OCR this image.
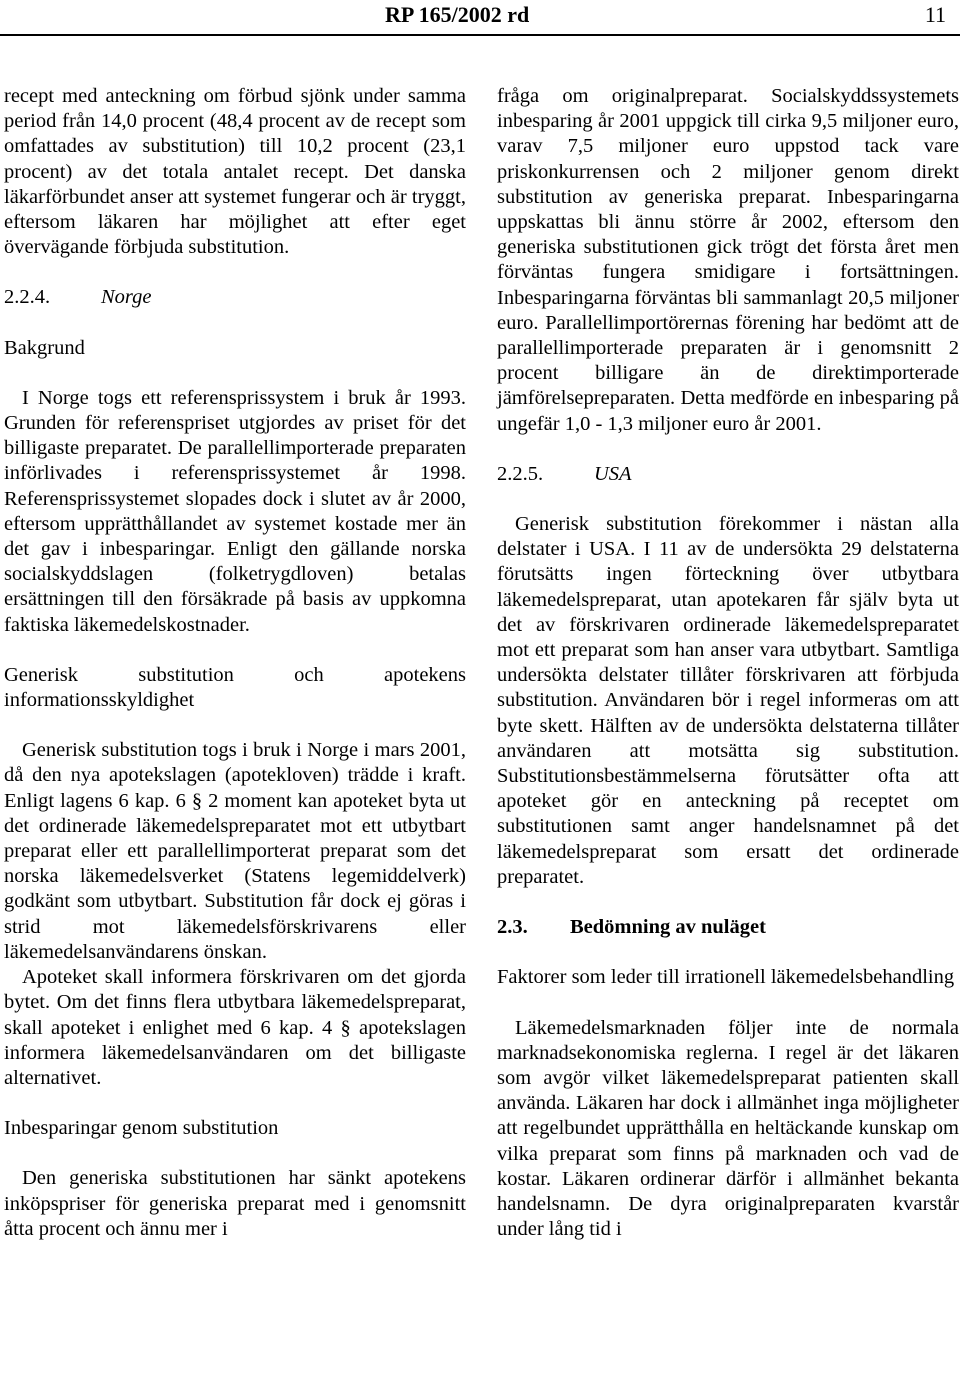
RP 165/2002 rd	11

recept med anteckning om förbud sjönk under samma period från 14,0 procent (48,4 procent av de recept som omfattades av substitution) till 10,2 procent (23,1 procent) av det totala antalet recept. Det danska läkarförbundet anser att systemet fungerar och är tryggt, eftersom läkaren har möjlighet att efter eget övervägande förbjuda substitution.

2.2.4. Norge

Bakgrund

I Norge togs ett referensprissystem i bruk år 1993. Grunden för referenspriset utgjordes av priset för det billigaste preparatet. De parallellimporterade preparaten införlivades i referensprissystemet år 1998. Referensprissystemet slopades dock i slutet av år 2000, eftersom upprätthållandet av systemet kostade mer än det gav i inbesparingar. Enligt den gällande norska socialskyddslagen (folketrygdloven) betalas ersättningen till den försäkrade på basis av uppkomna faktiska läkemedelskostnader.

Generisk substitution och apotekens informationsskyldighet

Generisk substitution togs i bruk i Norge i mars 2001, då den nya apotekslagen (apotekloven) trädde i kraft. Enligt lagens 6 kap. 6 § 2 moment kan apoteket byta ut det ordinerade läkemedelspreparatet mot ett utbytbart preparat eller ett parallellimporterat preparat som det norska läkemedelsverket (Statens legemiddelverk) godkänt som utbytbart. Substitution får dock ej göras i strid mot läkemedelsförskrivarens eller läkemedelsanvändarens önskan.

Apoteket skall informera förskrivaren om det gjorda bytet. Om det finns flera utbytbara läkemedelspreparat, skall apoteket i enlighet med 6 kap. 4 § apotekslagen informera läkemedelsanvändaren om det billigaste alternativet.

Inbesparingar genom substitution

Den generiska substitutionen har sänkt apotekens inköpspriser för generiska preparat med i genomsnitt åtta procent och ännu mer i

fråga om originalpreparat. Socialskyddssystemets inbesparing år 2001 uppgick till cirka 9,5 miljoner euro, varav 7,5 miljoner euro uppstod tack vare priskonkurrensen och 2 miljoner genom direkt substitution av generiska preparat. Inbesparingarna uppskattas bli ännu större år 2002, eftersom den generiska substitutionen gick trögt det första året men förväntas fungera smidigare i fortsättningen. Inbesparingarna förväntas bli sammanlagt 20,5 miljoner euro. Parallellimportörernas förening har bedömt att de parallellimporterade preparaten är i genomsnitt 2 procent billigare än de direktimporterade jämförelsepreparaten. Detta medförde en inbesparing på ungefär 1,0 - 1,3 miljoner euro år 2001.

2.2.5. USA

Generisk substitution förekommer i nästan alla delstater i USA. I 11 av de undersökta 29 delstaterna förutsätts ingen förteckning över utbytbara läkemedelspreparat, utan apotekaren får själv byta ut det av förskrivaren ordinerade läkemedelspreparatet mot ett preparat som han anser vara utbytbart. Samtliga undersökta delstater tillåter förskrivaren att förbjuda substitution. Användaren bör i regel informeras om att byte skett. Hälften av de undersökta delstaterna tillåter användaren att motsätta sig substitution. Substitutionsbestämmelserna förutsätter ofta att apoteket gör en anteckning på receptet om substitutionen samt anger handelsnamnet på det läkemedelspreparat som ersatt det ordinerade preparatet.

2.3. Bedömning av nuläget

Faktorer som leder till irrationell läkemedelsbehandling

Läkemedelsmarknaden följer inte de normala marknadsekonomiska reglerna. I regel är det läkaren som avgör vilket läkemedelspreparat patienten skall använda. Läkaren har dock i allmänhet inga möjligheter att regelbundet upprätthålla en heltäckande kunskap om vilka preparat som finns på marknaden och vad de kostar. Läkaren ordinerar därför i allmänhet bekanta handelsnamn. De dyra originalpreparaten kvarstår under lång tid i
